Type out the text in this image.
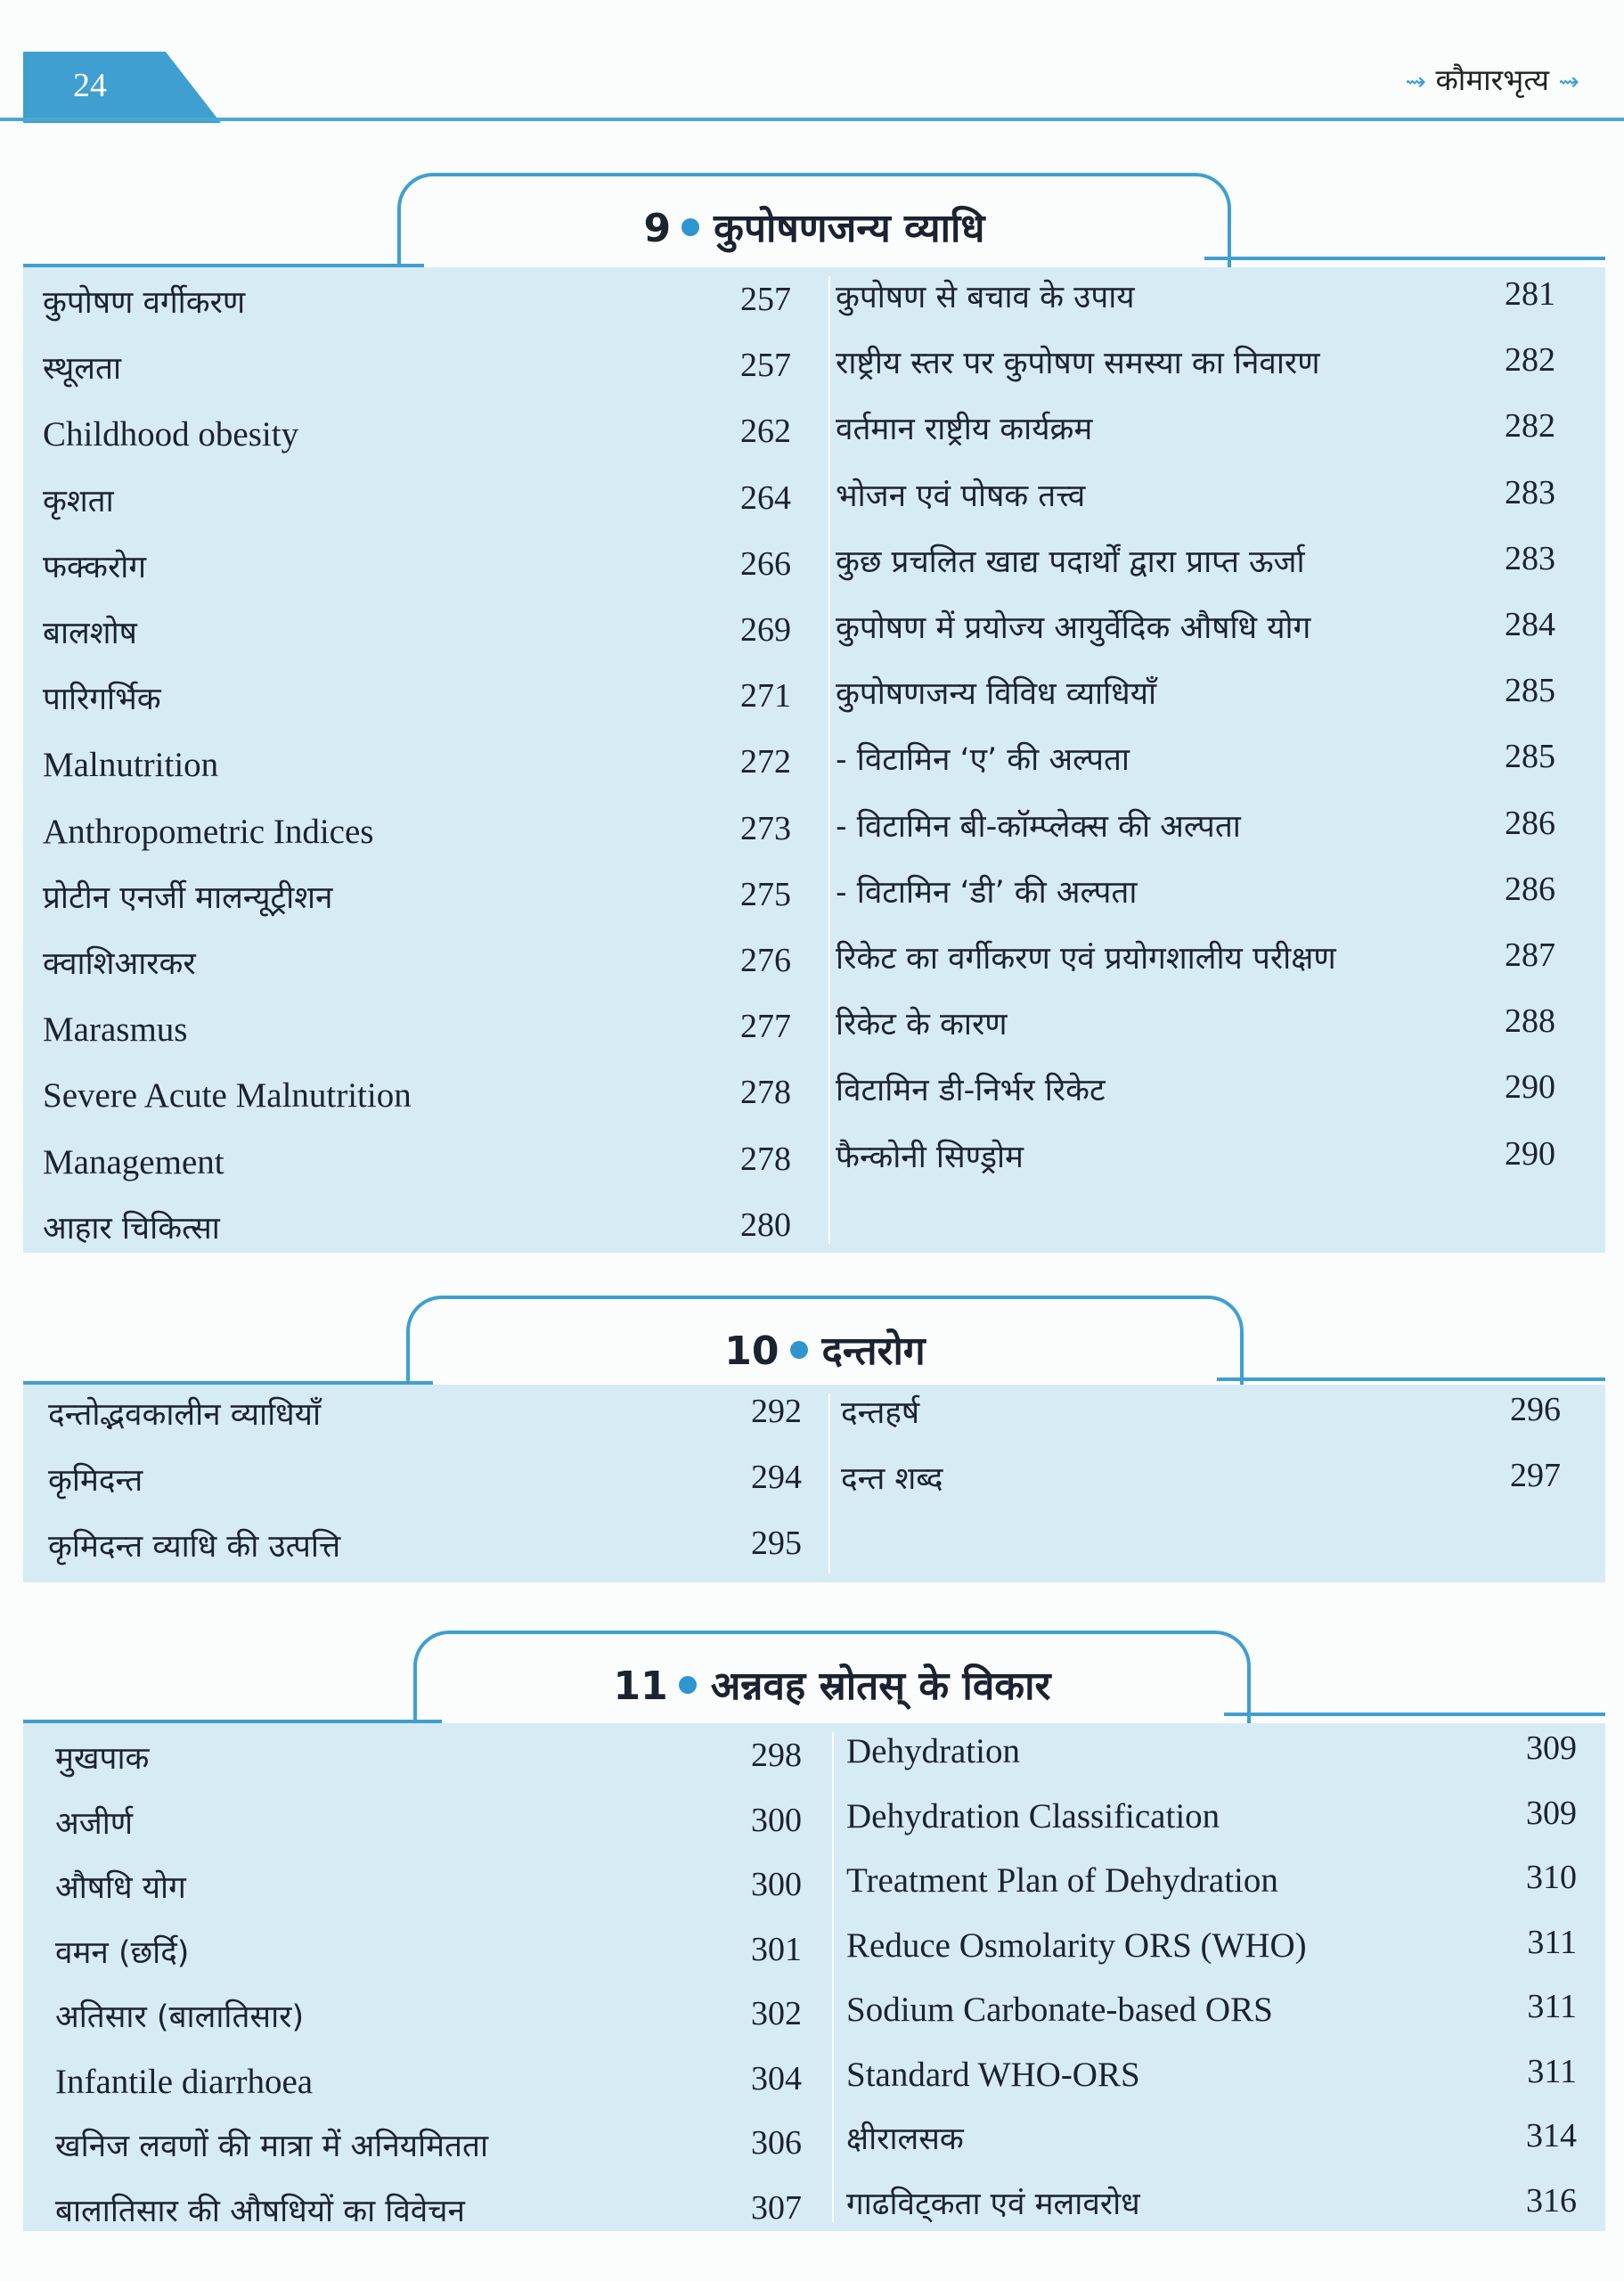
24	⇝ कौमारभृत्य ⇝
9 कुपोषणजन्य व्याधि
कुपोषण वर्गीकरण	257
स्थूलता	257
Childhood obesity	262
कृशता	264
फक्करोग	266
बालशोष	269
पारिगर्भिक	271
Malnutrition	272
Anthropometric Indices	273
प्रोटीन एनर्जी मालन्यूट्रीशन	275
क्वाशिआरकर	276
Marasmus	277
Severe Acute Malnutrition	278
Management	278
आहार चिकित्सा	280
कुपोषण से बचाव के उपाय	281
राष्ट्रीय स्तर पर कुपोषण समस्या का निवारण	282
वर्तमान राष्ट्रीय कार्यक्रम	282
भोजन एवं पोषक तत्त्व	283
कुछ प्रचलित खाद्य पदार्थों द्वारा प्राप्त ऊर्जा	283
कुपोषण में प्रयोज्य आयुर्वेदिक औषधि योग	284
कुपोषणजन्य विविध व्याधियाँ	285
- विटामिन ‘ए’ की अल्पता	285
- विटामिन बी-कॉम्प्लेक्स की अल्पता	286
- विटामिन ‘डी’ की अल्पता	286
रिकेट का वर्गीकरण एवं प्रयोगशालीय परीक्षण	287
रिकेट के कारण	288
विटामिन डी-निर्भर रिकेट	290
फैन्कोनी सिण्ड्रोम	290
10 दन्तरोग
दन्तोद्भवकालीन व्याधियाँ	292
कृमिदन्त	294
कृमिदन्त व्याधि की उत्पत्ति	295
दन्तहर्ष	296
दन्त शब्द	297
11 अन्नवह स्रोतस् के विकार
मुखपाक	298
अजीर्ण	300
औषधि योग	300
वमन (छर्दि)	301
अतिसार (बालातिसार)	302
Infantile diarrhoea	304
खनिज लवणों की मात्रा में अनियमितता	306
बालातिसार की औषधियों का विवेचन	307
Dehydration	309
Dehydration Classification	309
Treatment Plan of Dehydration	310
Reduce Osmolarity ORS (WHO)	311
Sodium Carbonate-based ORS	311
Standard WHO-ORS	311
क्षीरालसक	314
गाढविट्कता एवं मलावरोध	316
